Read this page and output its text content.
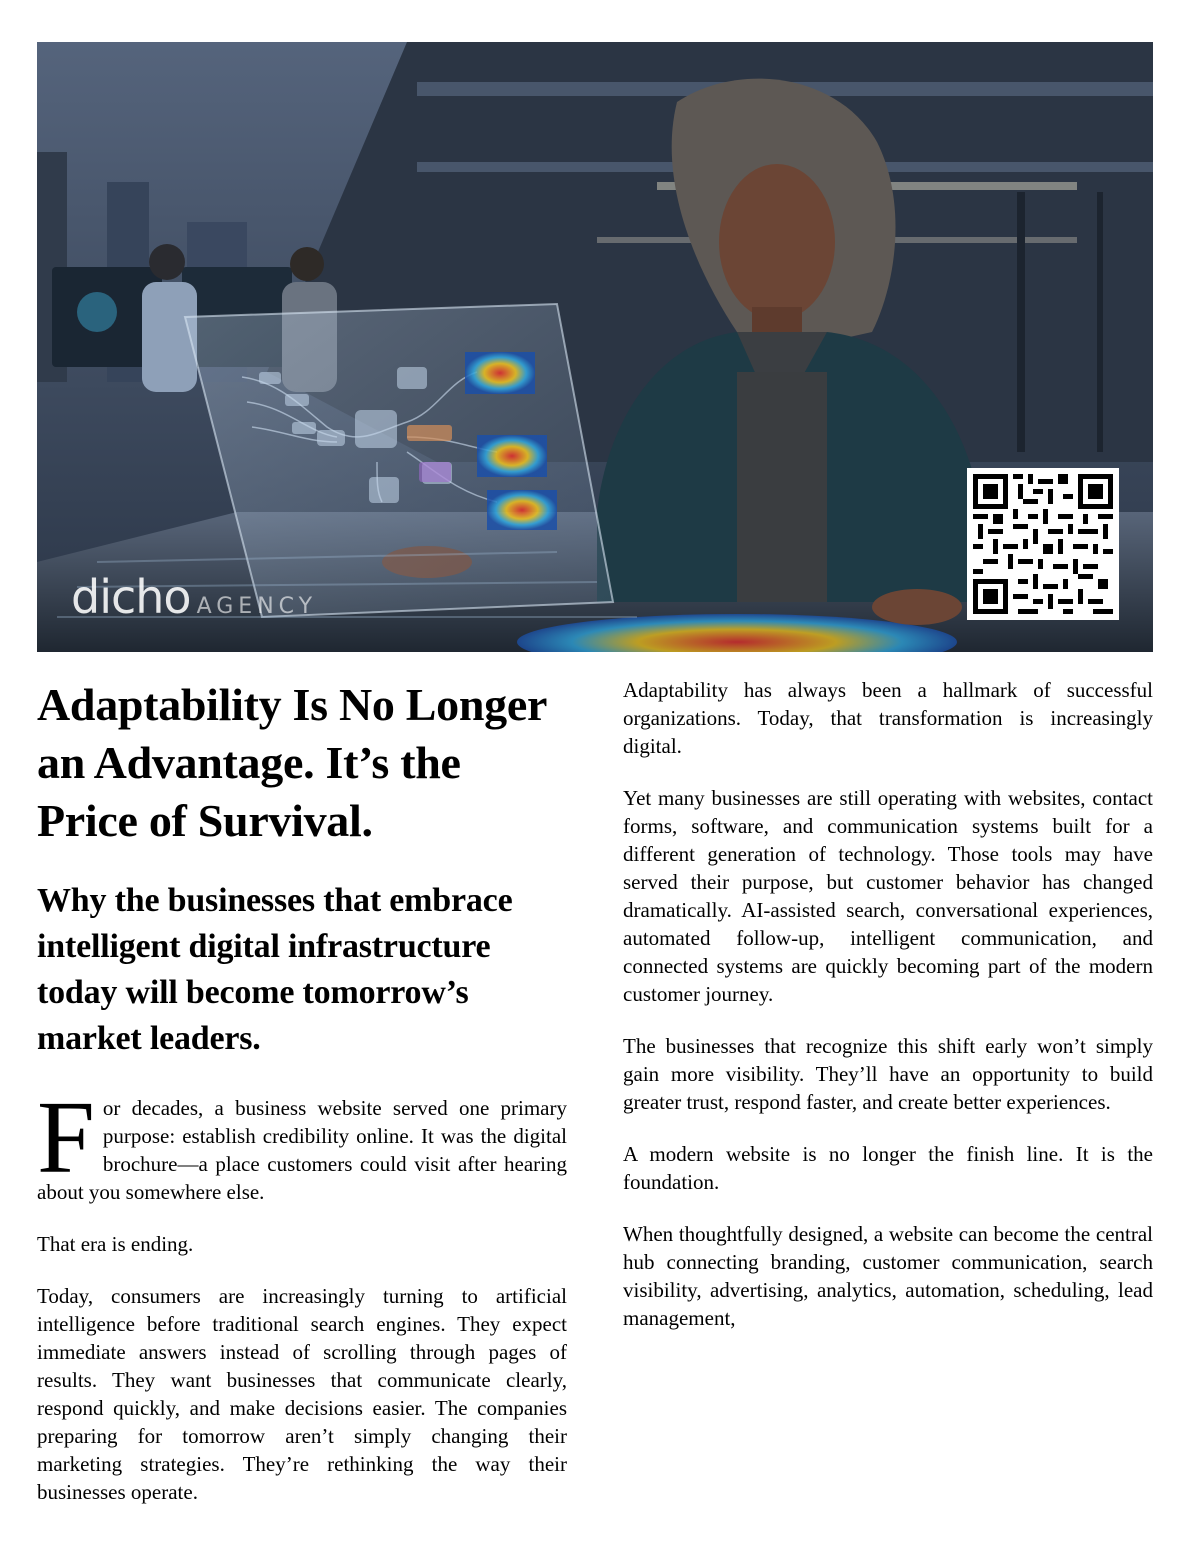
dicho AGENCY
Adaptability Is No Longer an Advantage. It’s the Price of Survival.
Why the businesses that embrace intelligent digital infrastructure today will become tomorrow’s market leaders.

For decades, a business website served one primary purpose: establish credibility online. It was the digital brochure—a place customers could visit after hearing about you somewhere else.

That era is ending.

Today, consumers are increasingly turning to artificial intelligence before traditional search engines. They expect immediate answers instead of scrolling through pages of results. They want businesses that communicate clearly, respond quickly, and make decisions easier. The companies preparing for tomorrow aren’t simply changing their marketing strategies. They’re rethinking the way their businesses operate.

Adaptability has always been a hallmark of successful organizations. Today, that transformation is increasingly digital.

Yet many businesses are still operating with websites, contact forms, software, and communication systems built for a different generation of technology. Those tools may have served their purpose, but customer behavior has changed dramatically. AI-assisted search, conversational experiences, automated follow-up, intelligent communication, and connected systems are quickly becoming part of the modern customer journey.

The businesses that recognize this shift early won’t simply gain more visibility. They’ll have an opportunity to build greater trust, respond faster, and create better experiences.

A modern website is no longer the finish line. It is the foundation.

When thoughtfully designed, a website can become the central hub connecting branding, customer communication, search visibility, advertising, analytics, automation, scheduling, lead management,
